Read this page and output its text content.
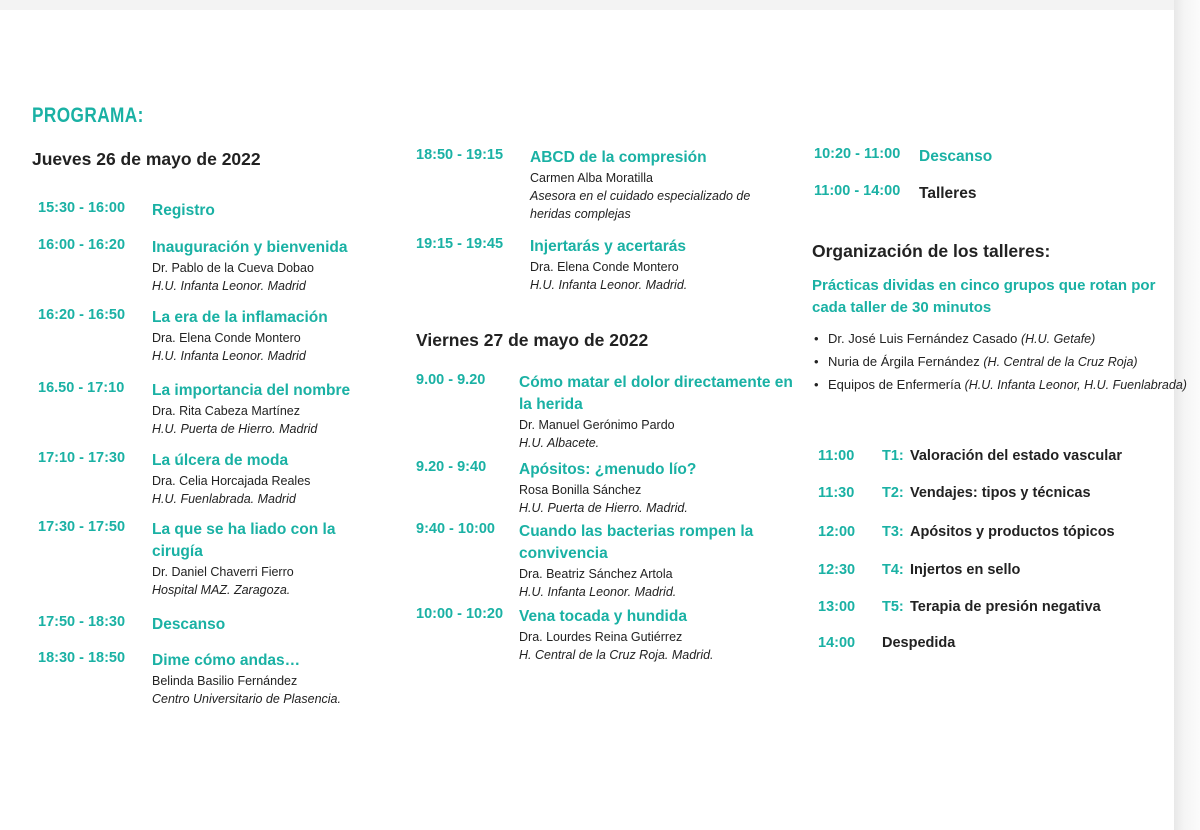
PROGRAMA:
Jueves 26 de mayo de 2022
15:30 - 16:00 Registro
16:00 - 16:20 Inauguración y bienvenida
Dr. Pablo de la Cueva Dobao
H.U. Infanta Leonor. Madrid
16:20 - 16:50 La era de la inflamación
Dra. Elena Conde Montero
H.U. Infanta Leonor. Madrid
16.50 - 17:10 La importancia del nombre
Dra. Rita Cabeza Martínez
H.U. Puerta de Hierro. Madrid
17:10 - 17:30 La úlcera de moda
Dra. Celia Horcajada Reales
H.U. Fuenlabrada. Madrid
17:30 - 17:50 La que se ha liado con la cirugía
Dr. Daniel Chaverri Fierro
Hospital MAZ. Zaragoza.
17:50 - 18:30 Descanso
18:30 - 18:50 Dime cómo andas…
Belinda Basilio Fernández
Centro Universitario de Plasencia.
18:50 - 19:15 ABCD de la compresión
Carmen Alba Moratilla
Asesora en el cuidado especializado de heridas complejas
19:15 - 19:45 Injertarás y acertarás
Dra. Elena Conde Montero
H.U. Infanta Leonor. Madrid.
Viernes 27 de mayo de 2022
9.00 - 9.20 Cómo matar el dolor directamente en la herida
Dr. Manuel Gerónimo Pardo
H.U. Albacete.
9.20 - 9:40 Apósitos: ¿menudo lío?
Rosa Bonilla Sánchez
H.U. Puerta de Hierro. Madrid.
9:40 - 10:00 Cuando las bacterias rompen la convivencia
Dra. Beatriz Sánchez Artola
H.U. Infanta Leonor. Madrid.
10:00 - 10:20 Vena tocada y hundida
Dra. Lourdes Reina Gutiérrez
H. Central de la Cruz Roja. Madrid.
10:20 - 11:00 Descanso
11:00 - 14:00 Talleres
Organización de los talleres:
Prácticas dividas en cinco grupos que rotan por cada taller de 30 minutos
• Dr. José Luis Fernández Casado (H.U. Getafe)
• Nuria de Árgila Fernández (H. Central de la Cruz Roja)
• Equipos de Enfermería (H.U. Infanta Leonor, H.U. Fuenlabrada)
11:00 T1: Valoración del estado vascular
11:30 T2: Vendajes: tipos y técnicas
12:00 T3: Apósitos y productos tópicos
12:30 T4: Injertos en sello
13:00 T5: Terapia de presión negativa
14:00 Despedida
